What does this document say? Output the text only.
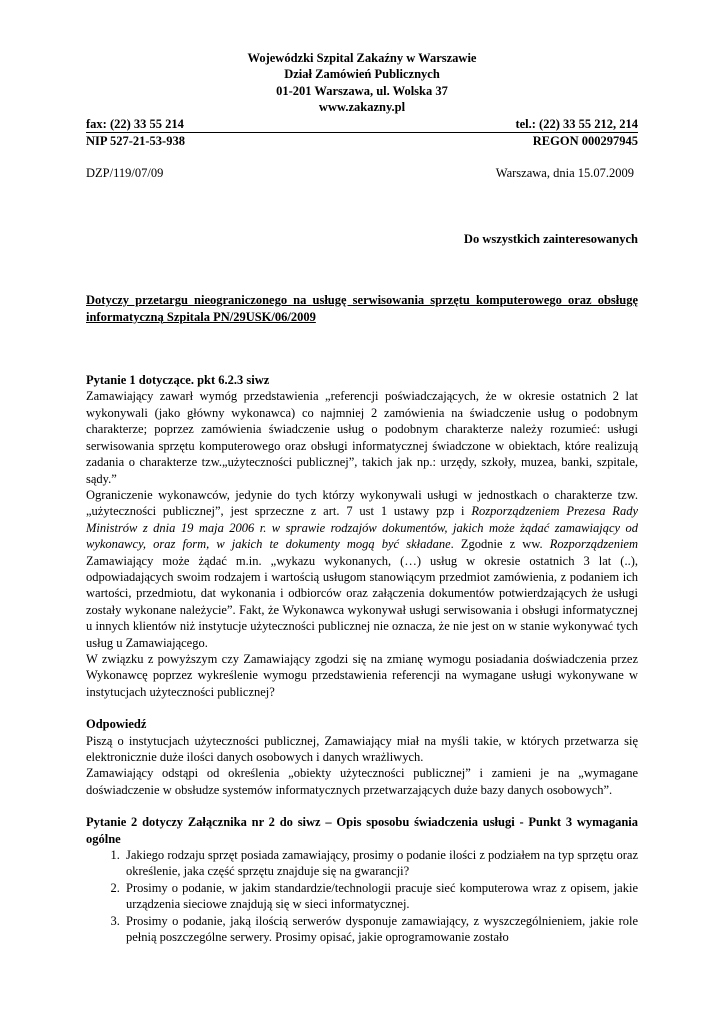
Wojewódzki Szpital Zakaźny w Warszawie
Dział Zamówień Publicznych
01-201 Warszawa, ul. Wolska 37
www.zakazny.pl
fax: (22) 33 55 214	tel.: (22) 33 55 212, 214
NIP 527-21-53-938	REGON 000297945
DZP/119/07/09	Warszawa, dnia 15.07.2009
Do wszystkich zainteresowanych

Dotyczy przetargu nieograniczonego na usługę serwisowania sprzętu komputerowego oraz obsługę informatyczną Szpitala PN/29USK/06/2009

Pytanie 1 dotyczące. pkt 6.2.3 siwz

Zamawiający zawarł wymóg przedstawienia „referencji poświadczających, że w okresie ostatnich 2 lat wykonywali (jako główny wykonawca) co najmniej 2 zamówienia na świadczenie usług o podobnym charakterze; poprzez zamówienia świadczenie usług o podobnym charakterze należy rozumieć: usługi serwisowania sprzętu komputerowego oraz obsługi informatycznej świadczone w obiektach, które realizują zadania o charakterze tzw.„użyteczności publicznej”, takich jak np.: urzędy, szkoły, muzea, banki, szpitale, sądy.”

Ograniczenie wykonawców, jedynie do tych którzy wykonywali usługi w jednostkach o charakterze tzw.„użyteczności publicznej”, jest sprzeczne z art. 7 ust 1 ustawy pzp i Rozporządzeniem Prezesa Rady Ministrów z dnia 19 maja 2006 r. w sprawie rodzajów dokumentów, jakich może żądać zamawiający od wykonawcy, oraz form, w jakich te dokumenty mogą być składane. Zgodnie z ww. Rozporządzeniem Zamawiający może żądać m.in. „wykazu wykonanych, (…) usług w okresie ostatnich 3 lat (..), odpowiadających swoim rodzajem i wartością usługom stanowiącym przedmiot zamówienia, z podaniem ich wartości, przedmiotu, dat wykonania i odbiorców oraz załączenia dokumentów potwierdzających że usługi zostały wykonane należycie”. Fakt, że Wykonawca wykonywał usługi serwisowania i obsługi informatycznej u innych klientów niż instytucje użyteczności publicznej nie oznacza, że nie jest on w stanie wykonywać tych usług u Zamawiającego.

W związku z powyższym czy Zamawiający zgodzi się na zmianę wymogu posiadania doświadczenia przez Wykonawcę poprzez wykreślenie wymogu przedstawienia referencji na wymagane usługi wykonywane w instytucjach użyteczności publicznej?

Odpowiedź

Piszą o instytucjach użyteczności publicznej, Zamawiający miał na myśli takie, w których przetwarza się elektronicznie duże ilości danych osobowych i danych wrażliwych.

Zamawiający odstąpi od określenia „obiekty użyteczności publicznej” i zamieni je na „wymagane doświadczenie w obsłudze systemów informatycznych przetwarzających duże bazy danych osobowych”.

Pytanie 2 dotyczy Załącznika nr 2 do siwz – Opis sposobu świadczenia usługi - Punkt 3 wymagania ogólne

1. Jakiego rodzaju sprzęt posiada zamawiający, prosimy o podanie ilości z podziałem na typ sprzętu oraz określenie, jaka część sprzętu znajduje się na gwarancji?
2. Prosimy o podanie, w jakim standardzie/technologii pracuje sieć komputerowa wraz z opisem, jakie urządzenia sieciowe znajdują się w sieci informatycznej.
3. Prosimy o podanie, jaką ilością serwerów dysponuje zamawiający, z wyszczególnieniem, jakie role pełnią poszczególne serwery. Prosimy opisać, jakie oprogramowanie zostało
